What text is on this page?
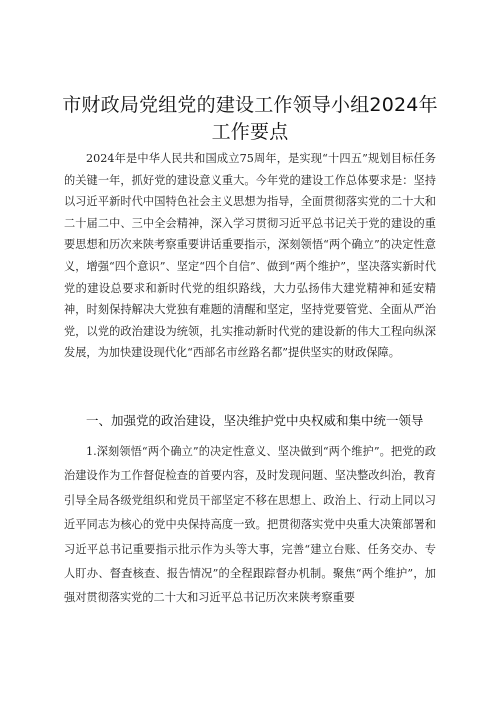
市财政局党组党的建设工作领导小组2024年
工作要点

2024年是中华人民共和国成立75周年，是实现“十四五”规划目标任务的关键一年，抓好党的建设意义重大。今年党的建设工作总体要求是：坚持以习近平新时代中国特色社会主义思想为指导，全面贯彻落实党的二十大和二十届二中、三中全会精神，深入学习贯彻习近平总书记关于党的建设的重要思想和历次来陕考察重要讲话重要指示，深刻领悟“两个确立”的决定性意义，增强“四个意识”、坚定“四个自信”、做到“两个维护”，坚决落实新时代党的建设总要求和新时代党的组织路线，大力弘扬伟大建党精神和延安精神，时刻保持解决大党独有难题的清醒和坚定，坚持党要管党、全面从严治党，以党的政治建设为统领，扎实推动新时代党的建设新的伟大工程向纵深发展，为加快建设现代化“西部名市丝路名都”提供坚实的财政保障。

一、加强党的政治建设，坚决维护党中央权威和集中统一领导

1.深刻领悟“两个确立”的决定性意义、坚决做到“两个维护”。把党的政治建设作为工作督促检查的首要内容，及时发现问题、坚决整改纠治，教育引导全局各级党组织和党员干部坚定不移在思想上、政治上、行动上同以习近平同志为核心的党中央保持高度一致。把贯彻落实党中央重大决策部署和习近平总书记重要指示批示作为头等大事，完善“建立台账、任务交办、专人盯办、督査核查、报告情况”的全程跟踪督办机制。聚焦“两个维护”，加强对贯彻落实党的二十大和习近平总书记历次来陕考察重要
